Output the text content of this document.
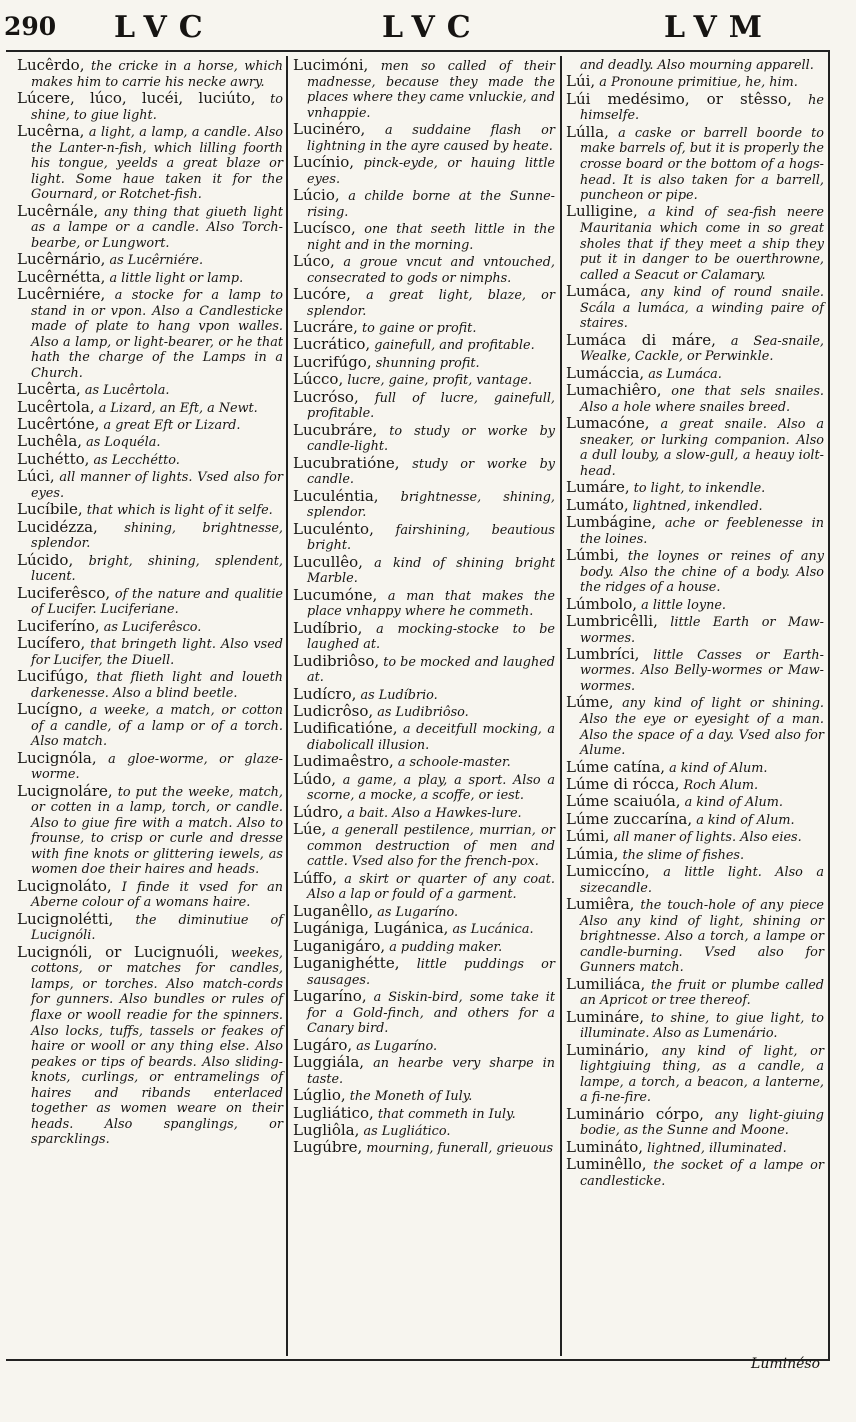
290 LVC	LVC	LVM
Lucêrdo, the cricke in a horse, which makes him to carrie his necke awry.
Lúcere, lúco, lucéi, luciúto, to shine, to giue light.
Lucêrna, a light, a lamp, a candle. Also the Lanter-n-fish, which lilling foorth his tongue, yeelds a great blaze or light. Some haue taken it for the Gournard, or Rotchet-fish.
Lucêrnále, any thing that giueth light as a lampe or a candle. Also Torch-bearbe, or Lungwort.
Lucêrnário, as Lucêrniére.
Lucêrnétta, a little light or lamp.
Lucêrniére, a stocke for a lamp to stand in or vpon. Also a Candlesticke made of plate to hang vpon walles. Also a lamp, or light-bearer, or he that hath the charge of the Lamps in a Church.
Lucêrta, as Lucêrtola.
Lucêrtola, a Lizard, an Eft, a Newt.
Lucêrtóne, a great Eft or Lizard.
Luchêla, as Loquéla.
Luchétto, as Lecchétto.
Lúci, all manner of lights. Vsed also for eyes.
Lucíbile, that which is light of it selfe.
Lucidézza, shining, brightnesse, splendor.
Lúcido, bright, shining, splendent, lucent.
Luciferêsco, of the nature and qualitie of Lucifer. Luciferiane.
Luciferíno, as Luciferêsco.
Lucífero, that bringeth light. Also vsed for Lucifer, the Diuell.
Lucifúgo, that flieth light and loueth darkenesse. Also a blind beetle.
Lucígno, a weeke, a match, or cotton of a candle, of a lamp or of a torch. Also match.
Lucignóla, a gloe-worme, or glaze-worme.
Lucignoláre, to put the weeke, match, or cotten in a lamp, torch, or candle. Also to giue fire with a match. Also to frounse, to crisp or curle and dresse with fine knots or glittering iewels, as women doe their haires and heads.
Lucignoláto, I finde it vsed for an Aberne colour of a womans haire.
Lucignolétti, the diminutiue of Lucignóli.
Lucignóli, or Lucignuóli, weekes, cottons, or matches for candles, lamps, or torches. Also match-cords for gunners. Also bundles or rules of flaxe or wooll readie for the spinners. Also locks, tuffs, tassels or feakes of haire or wooll or any thing else. Also peakes or tips of beards. Also sliding-knots, curlings, or entramelings of haires and ribands enterlaced together as women weare on their heads. Also spanglings, or sparcklings.
Lucimóni, men so called of their madnesse, because they made the places where they came vnluckie, and vnhappie.
Lucinéro, a suddaine flash or lightning in the ayre caused by heate.
Lucínio, pinck-eyde, or hauing little eyes.
Lúcio, a childe borne at the Sunne-rising.
Lucísco, one that seeth little in the night and in the morning.
Lúco, a groue vncut and vntouched, consecrated to gods or nimphs.
Lucóre, a great light, blaze, or splendor.
Lucráre, to gaine or profit.
Lucrático, gainefull, and profitable.
Lucrifúgo, shunning profit.
Lúcco, lucre, gaine, profit, vantage.
Lucróso, full of lucre, gainefull, profitable.
Lucubráre, to study or worke by candle-light.
Lucubratióne, study or worke by candle.
Luculéntia, brightnesse, shining, splendor.
Luculénto, fairshining, beautious bright.
Lucullêo, a kind of shining bright Marble.
Lucumóne, a man that makes the place vnhappy where he commeth.
Ludíbrio, a mocking-stocke to be laughed at.
Ludibriôso, to be mocked and laughed at.
Ludícro, as Ludíbrio.
Ludicrôso, as Ludibriôso.
Ludificatióne, a deceitfull mocking, a diabolicall illusion.
Ludimaêstro, a schoole-master.
Lúdo, a game, a play, a sport. Also a scorne, a mocke, a scoffe, or iest.
Lúdro, a bait. Also a Hawkes-lure.
Lúe, a generall pestilence, murrian, or common destruction of men and cattle. Vsed also for the french-pox.
Lúffo, a skirt or quarter of any coat. Also a lap or fould of a garment.
Luganêllo, as Lugaríno.
Lugániga, Lugánica, as Lucánica.
Luganigáro, a pudding maker.
Luganighétte, little puddings or sausages.
Lugaríno, a Siskin-bird, some take it for a Gold-finch, and others for a Canary bird.
Lugáro, as Lugaríno.
Luggiála, an hearbe very sharpe in taste.
Lúglio, the Moneth of Iuly.
Lugliático, that commeth in Iuly.
Lugliôla, as Lugliático.
Lugúbre, mourning, funerall, grieuous
and deadly. Also mourning apparell.
Lúi, a Pronoune primitiue, he, him.
Lúi medésimo, or stêsso, he himselfe.
Lúlla, a caske or barrell boorde to make barrels of, but it is properly the crosse board or the bottom of a hogs-head. It is also taken for a barrell, puncheon or pipe.
Lulligine, a kind of sea-fish neere Mauritania which come in so great sholes that if they meet a ship they put it in danger to be ouerthrowne, called a Seacut or Calamary.
Lumáca, any kind of round snaile. Scála a lumáca, a winding paire of staires.
Lumáca di máre, a Sea-snaile, Wealke, Cackle, or Perwinkle.
Lumáccia, as Lumáca.
Lumachiêro, one that sels snailes. Also a hole where snailes breed.
Lumacóne, a great snaile. Also a sneaker, or lurking companion. Also a dull louby, a slow-gull, a heauy iolt-head.
Lumáre, to light, to inkendle.
Lumáto, lightned, inkendled.
Lumbágine, ache or feeblenesse in the loines.
Lúmbi, the loynes or reines of any body. Also the chine of a body. Also the ridges of a house.
Lúmbolo, a little loyne.
Lumbricêlli, little Earth or Maw-wormes.
Lumbríci, little Casses or Earth-wormes. Also Belly-wormes or Maw-wormes.
Lúme, any kind of light or shining. Also the eye or eyesight of a man. Also the space of a day. Vsed also for Alume.
Lúme catína, a kind of Alum.
Lúme di rócca, Roch Alum.
Lúme scaiuóla, a kind of Alum.
Lúme zuccarína, a kind of Alum.
Lúmi, all maner of lights. Also eies.
Lúmia, the slime of fishes.
Lumiccíno, a little light. Also a sizecandle.
Lumiêra, the touch-hole of any piece Also any kind of light, shining or brightnesse. Also a torch, a lampe or candle-burning. Vsed also for Gunners match.
Lumiliáca, the fruit or plumbe called an Apricot or tree thereof.
Lumináre, to shine, to giue light, to illuminate. Also as Lumenário.
Luminário, any kind of light, or lightgiuing thing, as a candle, a lampe, a torch, a beacon, a lanterne, a fi-ne-fire.
Luminário córpo, any light-giuing bodie, as the Sunne and Moone.
Lumináto, lightned, illuminated.
Luminêllo, the socket of a lampe or candlesticke.
Luminéso
